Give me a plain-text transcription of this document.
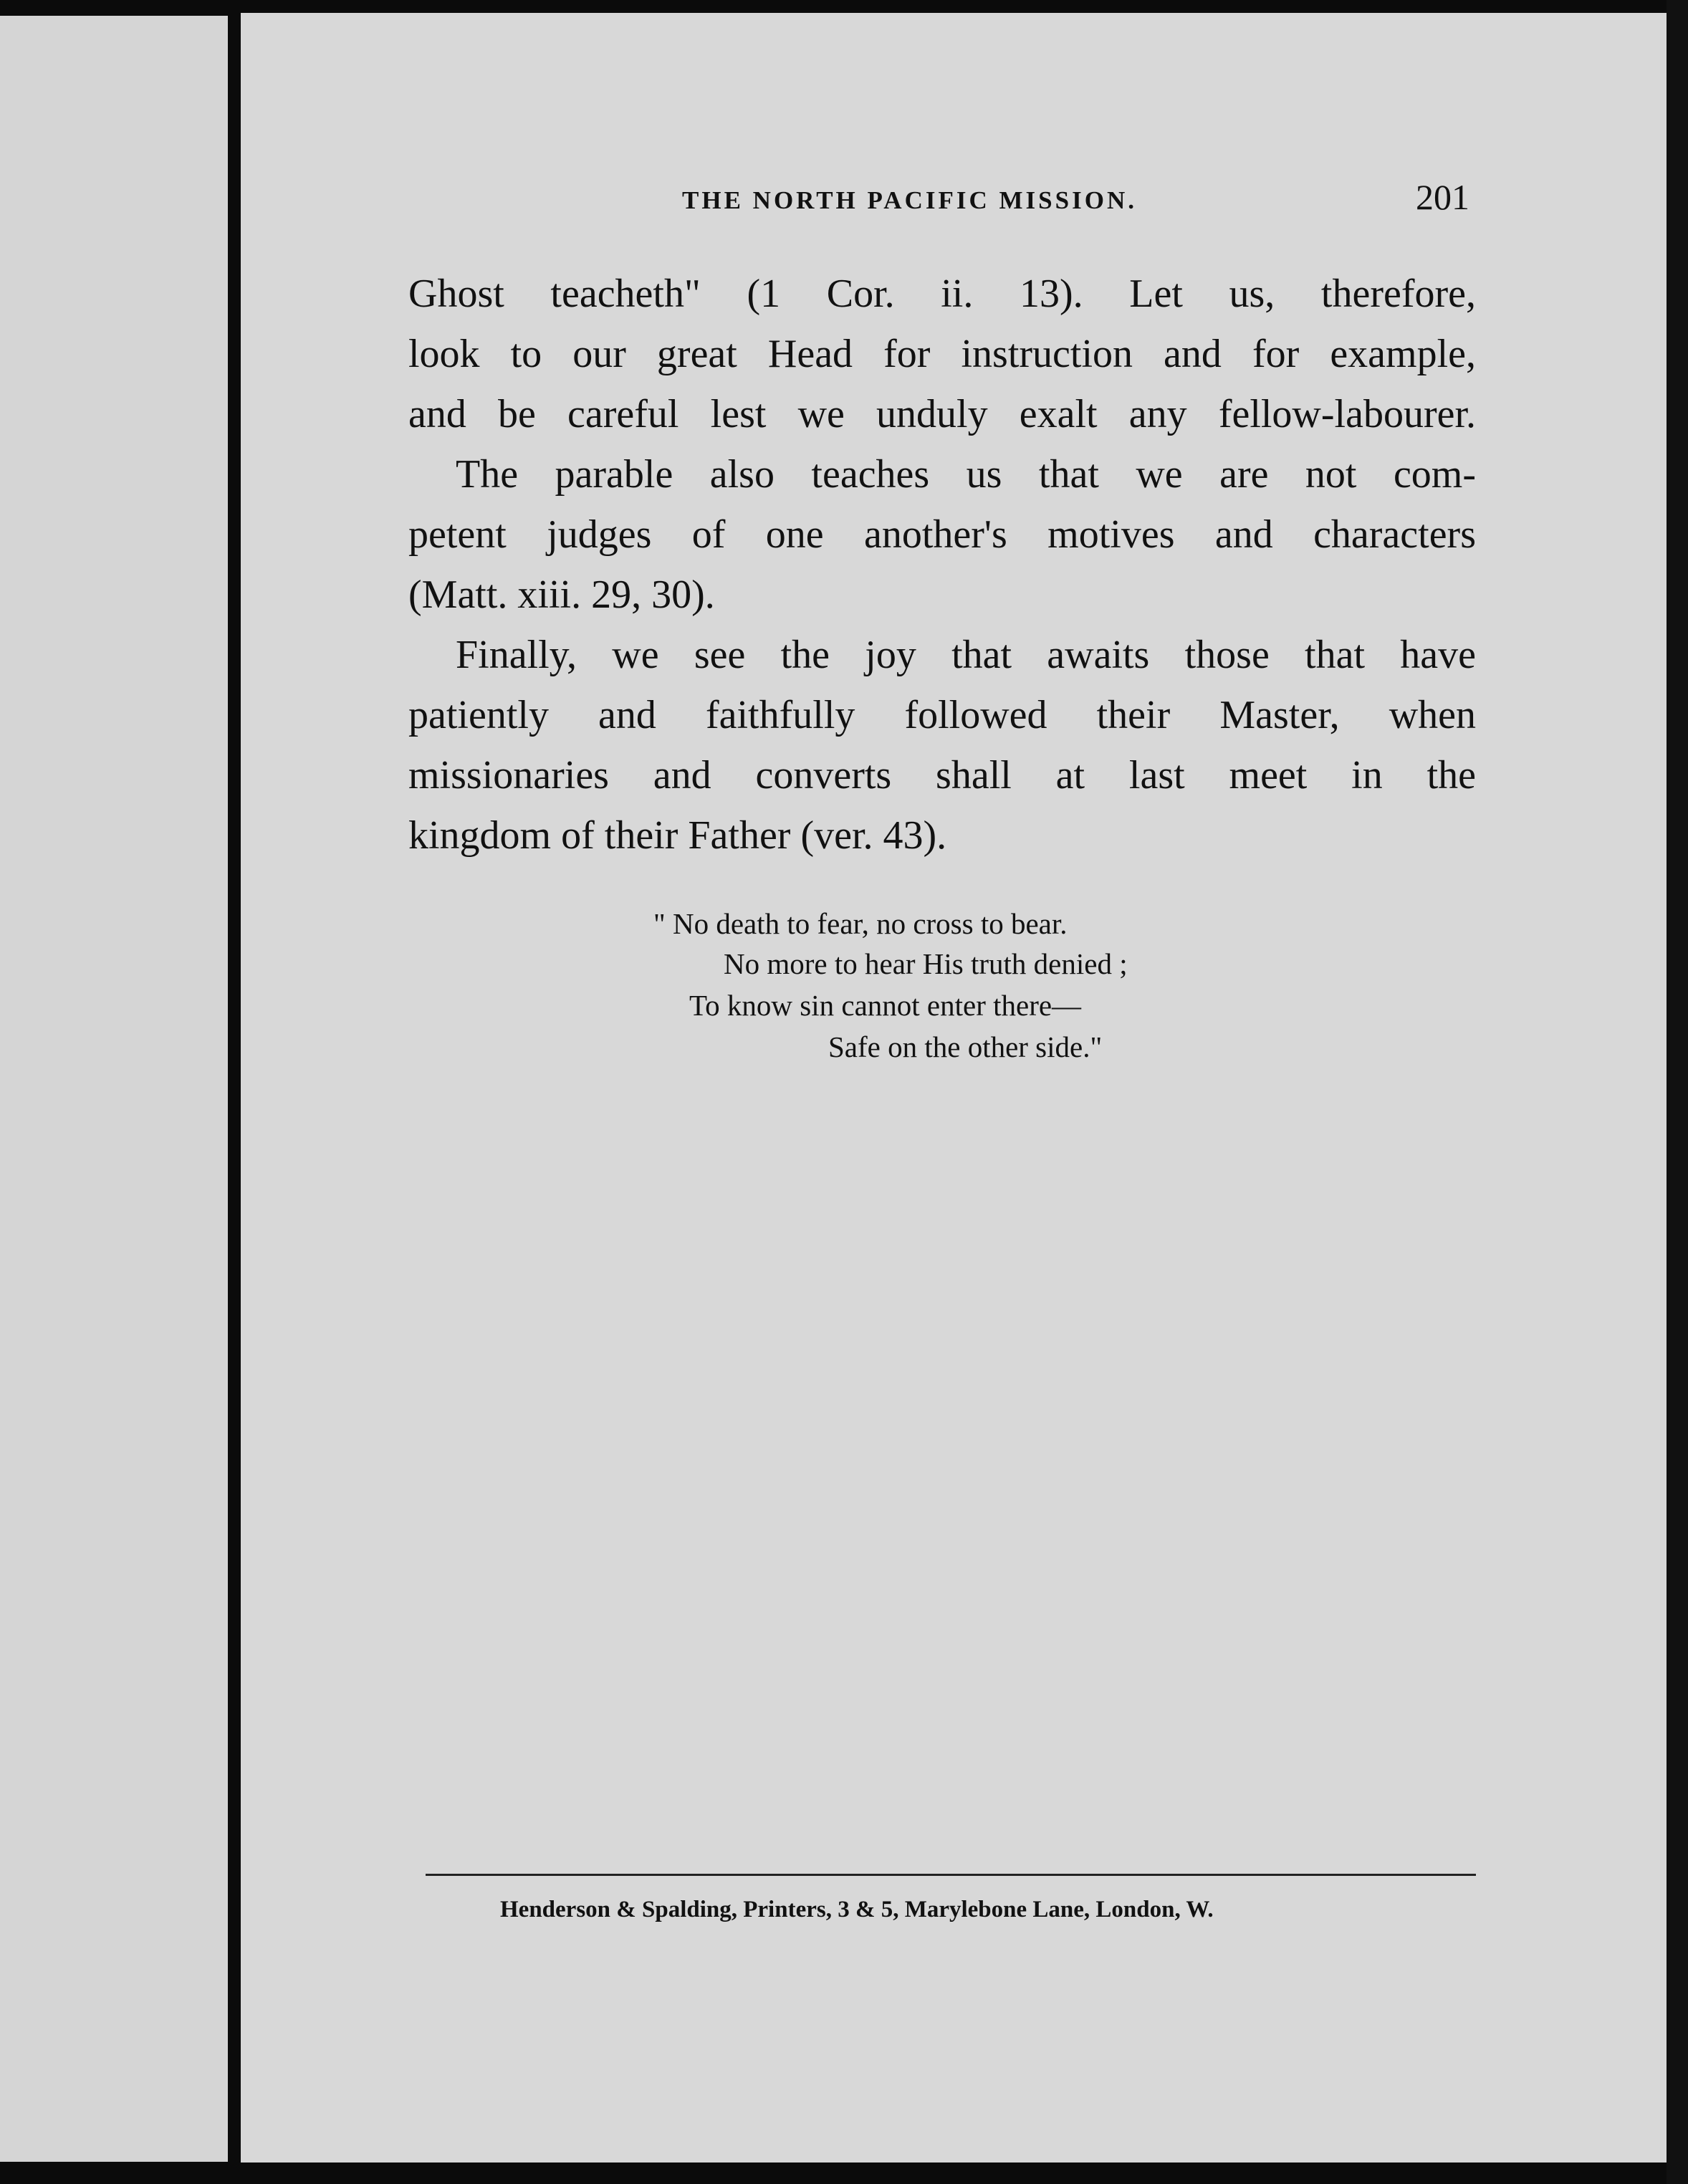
THE NORTH PACIFIC MISSION.	201
Ghost teacheth" (1 Cor. ii. 13). Let us, therefore,
look to our great Head for instruction and for example,
and be careful lest we unduly exalt any fellow-labourer.
The parable also teaches us that we are not com-
petent judges of one another's motives and characters
(Matt. xiii. 29, 30).
Finally, we see the joy that awaits those that have
patiently and faithfully followed their Master, when
missionaries and converts shall at last meet in the
kingdom of their Father (ver. 43).
" No death to fear, no cross to bear.
No more to hear His truth denied ;
To know sin cannot enter there—
Safe on the other side."
Henderson & Spalding, Printers, 3 & 5, Marylebone Lane, London, W.
